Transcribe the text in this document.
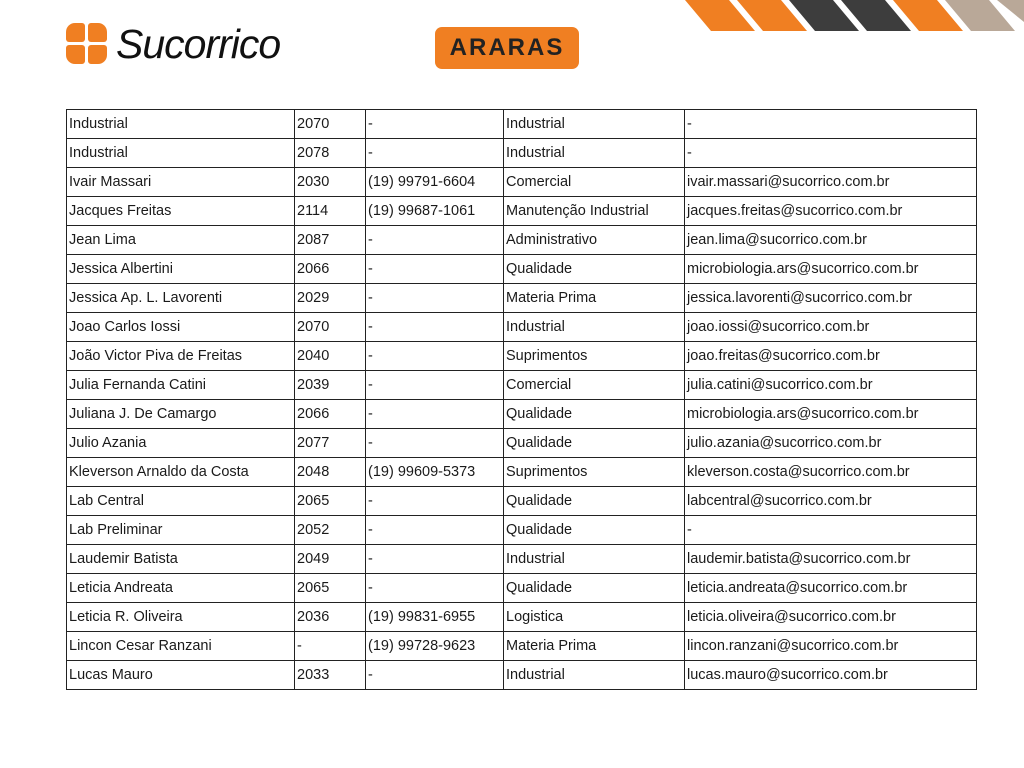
Sucorrico	ARARAS
Industrial	2070	-	Industrial	-
Industrial	2078	-	Industrial	-
Ivair Massari	2030	(19) 99791-6604	Comercial	ivair.massari@sucorrico.com.br
Jacques Freitas	2114	(19) 99687-1061	Manutenção Industrial	jacques.freitas@sucorrico.com.br
Jean Lima	2087	-	Administrativo	jean.lima@sucorrico.com.br
Jessica Albertini	2066	-	Qualidade	microbiologia.ars@sucorrico.com.br
Jessica Ap. L. Lavorenti	2029	-	Materia Prima	jessica.lavorenti@sucorrico.com.br
Joao Carlos Iossi	2070	-	Industrial	joao.iossi@sucorrico.com.br
João Victor Piva de Freitas	2040	-	Suprimentos	joao.freitas@sucorrico.com.br
Julia Fernanda Catini	2039	-	Comercial	julia.catini@sucorrico.com.br
Juliana J. De Camargo	2066	-	Qualidade	microbiologia.ars@sucorrico.com.br
Julio Azania	2077	-	Qualidade	julio.azania@sucorrico.com.br
Kleverson Arnaldo da Costa	2048	(19) 99609-5373	Suprimentos	kleverson.costa@sucorrico.com.br
Lab Central	2065	-	Qualidade	labcentral@sucorrico.com.br
Lab Preliminar	2052	-	Qualidade	-
Laudemir Batista	2049	-	Industrial	laudemir.batista@sucorrico.com.br
Leticia Andreata	2065	-	Qualidade	leticia.andreata@sucorrico.com.br
Leticia R. Oliveira	2036	(19) 99831-6955	Logistica	leticia.oliveira@sucorrico.com.br
Lincon Cesar Ranzani	-	(19) 99728-9623	Materia Prima	lincon.ranzani@sucorrico.com.br
Lucas Mauro	2033	-	Industrial	lucas.mauro@sucorrico.com.br
